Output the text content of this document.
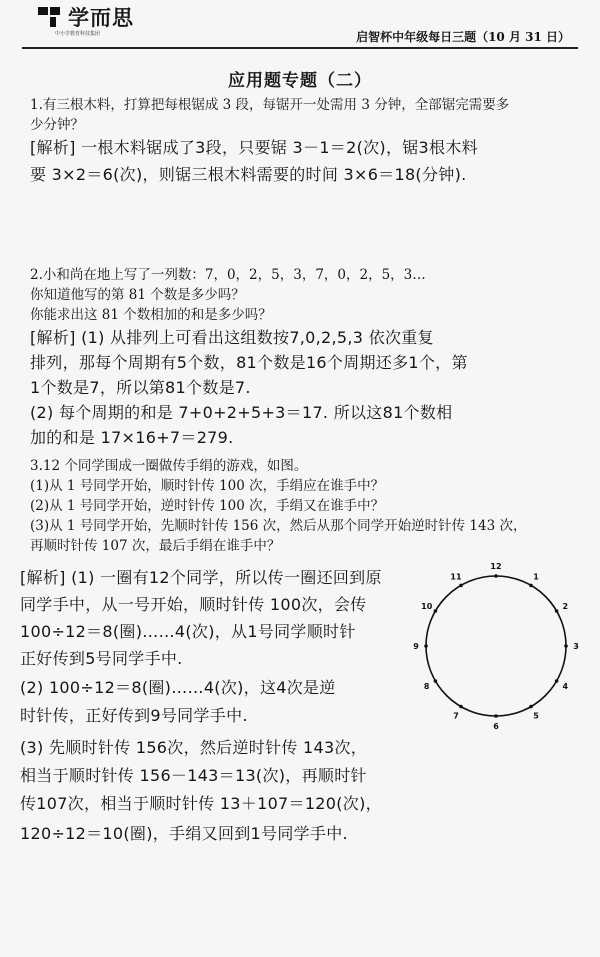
学而思
中小学教育科技集团	启智杯中年级每日三题（10 月 31 日）
应用题专题（二）
1.有三根木料，打算把每根锯成 3 段，每锯开一处需用 3 分钟，全部锯完需要多
少分钟？
[解析] 一根木料锯成了3段，只要锯 3－1＝2(次)，锯3根木料
要 3×2＝6(次)，则锯三根木料需要的时间 3×6＝18(分钟).
2.小和尚在地上写了一列数：7，0，2，5，3，7，0，2，5，3…
你知道他写的第 81 个数是多少吗？
你能求出这 81 个数相加的和是多少吗？
[解析] (1) 从排列上可看出这组数按7,0,2,5,3 依次重复
排列，那每个周期有5个数，81个数是16个周期还多1个，第
1个数是7，所以第81个数是7.
(2) 每个周期的和是 7+0+2+5+3＝17. 所以这81个数相
加的和是 17×16+7＝279.
3.12 个同学围成一圈做传手绢的游戏，如图。
(1)从 1 号同学开始，顺时针传 100 次，手绢应在谁手中？
(2)从 1 号同学开始，逆时针传 100 次，手绢又在谁手中？
(3)从 1 号同学开始，先顺时针传 156 次，然后从那个同学开始逆时针传 143 次，
再顺时针传 107 次，最后手绢在谁手中？
[解析] (1) 一圈有12个同学，所以传一圈还回到原
同学手中，从一号开始，顺时针传 100次，会传
100÷12＝8(圈)……4(次)，从1号同学顺时针
正好传到5号同学手中.
(2) 100÷12＝8(圈)……4(次)，这4次是逆
时针传，正好传到9号同学手中.
(3) 先顺时针传 156次，然后逆时针传 143次，
相当于顺时针传 156－143＝13(次)，再顺时针
传107次，相当于顺时针传 13＋107＝120(次)，
120÷12＝10(圈)，手绢又回到1号同学手中.
1
2
3
4
5
6
7
8
9
10
11
12
